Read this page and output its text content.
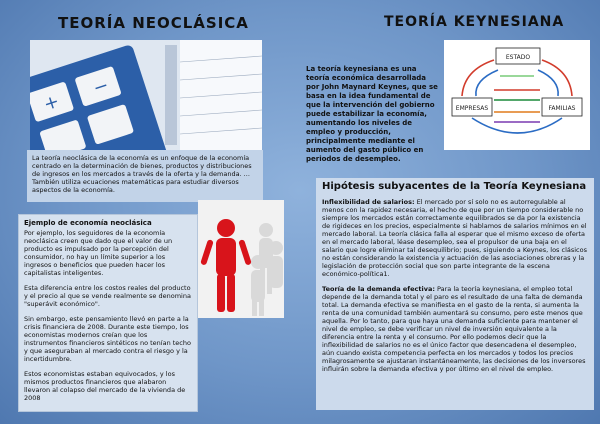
TEORÍA NEOCLÁSICA	TEORÍA KEYNESIANA
+
−

La teoría neoclásica de la economía es un enfoque de la economía centrado en la determinación de bienes, productos y distribuciones de ingresos en los mercados a través de la oferta y la demanda. ... También utiliza ecuaciones matemáticas para estudiar diversos aspectos de la economía.

Ejemplo de economía neoclásica

Por ejemplo, los seguidores de la economía neoclásica creen que dado que el valor de un producto es impulsado por la percepción del consumidor, no hay un límite superior a los ingresos o beneficios que pueden hacer los capitalistas inteligentes.

Esta diferencia entre los costos reales del producto y el precio al que se vende realmente se denomina "superávit económico".

Sin embargo, este pensamiento llevó en parte a la crisis financiera de 2008. Durante este tiempo, los economistas modernos creían que los instrumentos financieros sintéticos no tenían techo y que aseguraban al mercado contra el riesgo y la incertidumbre.

Estos economistas estaban equivocados, y los mismos productos financieros que alabaron llevaron al colapso del mercado de la vivienda de 2008

La teoría keynesiana es una teoría económica desarrollada por John Maynard Keynes, que se basa en la idea fundamental de que la intervención del gobierno puede estabilizar la economía, aumentando los niveles de empleo y producción, principalmente mediante el aumento del gasto público en periodos de desempleo.

ESTADO
EMPRESAS	FAMILIAS

Hipótesis subyacentes de la Teoría Keynesiana

Inflexibilidad de salarios: El mercado por sí solo no es autorregulable al menos con la rapidez necesaria, el hecho de que por un tiempo considerable no siempre los mercados están correctamente equilibrados se da por la existencia de rigideces en los precios, especialmente si hablamos de salarios mínimos en el mercado laboral. La teoría clásica falla al esperar que el mismo exceso de oferta en el mercado laboral, léase desempleo, sea el propulsor de una baja en el salario que logre eliminar tal desequilibrio; pues, siguiendo a Keynes, los clásicos no están considerando la existencia y actuación de las asociaciones obreras y la legislación de protección social que son parte integrante de la escena económico-política1.

Teoría de la demanda efectiva: Para la teoría keynesiana, el empleo total depende de la demanda total y el paro es el resultado de una falta de demanda total. La demanda efectiva se manifiesta en el gasto de la renta, si aumenta la renta de una comunidad también aumentará su consumo, pero este menos que aquella. Por lo tanto, para que haya una demanda suficiente para mantener el nivel de empleo, se debe verificar un nivel de inversión equivalente a la diferencia entre la renta y el consumo. Por ello podemos decir que la inflexibilidad de salarios no es el único factor que desencadena el desempleo, aún cuando exista competencia perfecta en los mercados y todos los precios milagrosamente se ajustaran instantáneamente, las decisiones de los inversores influirán sobre la demanda efectiva y por último en el nivel de empleo.
